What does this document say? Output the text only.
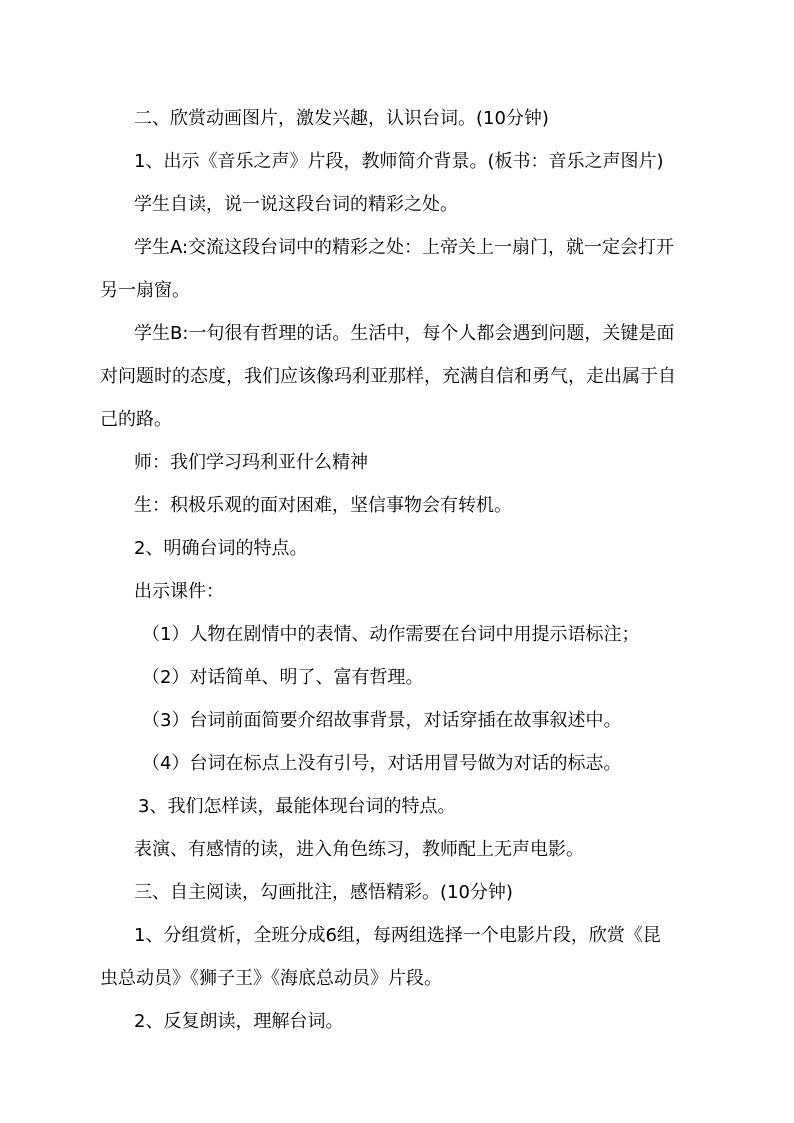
二、欣赏动画图片，激发兴趣，认识台词。(10分钟)
1、出示《音乐之声》片段，教师简介背景。(板书：音乐之声图片)
学生自读，说一说这段台词的精彩之处。
学生A:交流这段台词中的精彩之处：上帝关上一扇门，就一定会打开
另一扇窗。
学生B:一句很有哲理的话。生活中，每个人都会遇到问题，关键是面
对问题时的态度，我们应该像玛利亚那样，充满自信和勇气，走出属于自
己的路。
师：我们学习玛利亚什么精神
生：积极乐观的面对困难，坚信事物会有转机。
2、明确台词的特点。
出示课件：
（1）人物在剧情中的表情、动作需要在台词中用提示语标注；
（2）对话简单、明了、富有哲理。
（3）台词前面简要介绍故事背景，对话穿插在故事叙述中。
（4）台词在标点上没有引号，对话用冒号做为对话的标志。
3、我们怎样读，最能体现台词的特点。
表演、有感情的读，进入角色练习，教师配上无声电影。
三、自主阅读，勾画批注，感悟精彩。(10分钟)
1、分组赏析，全班分成6组，每两组选择一个电影片段，欣赏《昆
虫总动员》《狮子王》《海底总动员》片段。
2、反复朗读，理解台词。
